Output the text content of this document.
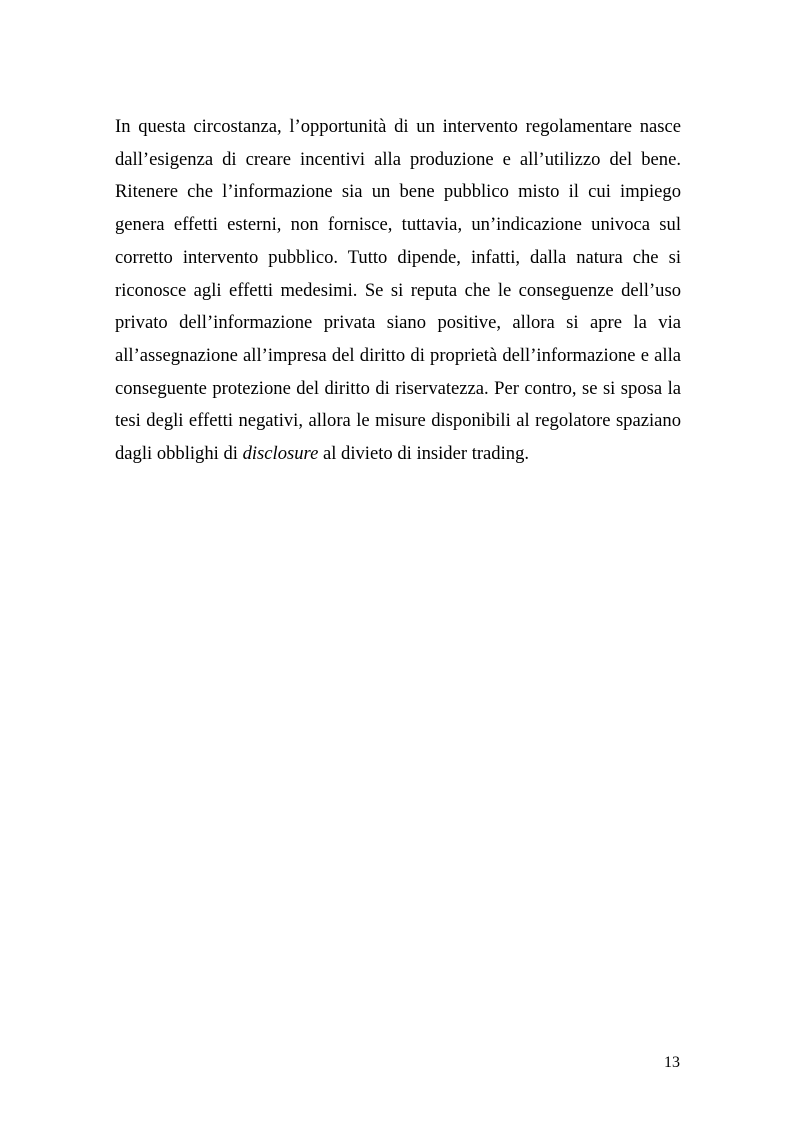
In questa circostanza, l’opportunità di un intervento regolamentare nasce
dall’esigenza di creare incentivi alla produzione e all’utilizzo del bene.
Ritenere che l’informazione sia un bene pubblico misto il cui impiego
genera effetti esterni, non fornisce, tuttavia, un’indicazione univoca sul
corretto intervento pubblico. Tutto dipende, infatti, dalla natura che si
riconosce agli effetti medesimi. Se si reputa che le conseguenze dell’uso
privato dell’informazione privata siano positive, allora si apre la via
all’assegnazione all’impresa del diritto di proprietà dell’informazione e alla
conseguente protezione del diritto di riservatezza. Per contro, se si sposa la
tesi degli effetti negativi, allora le misure disponibili al regolatore spaziano
dagli obblighi di disclosure al divieto di insider trading.

13
